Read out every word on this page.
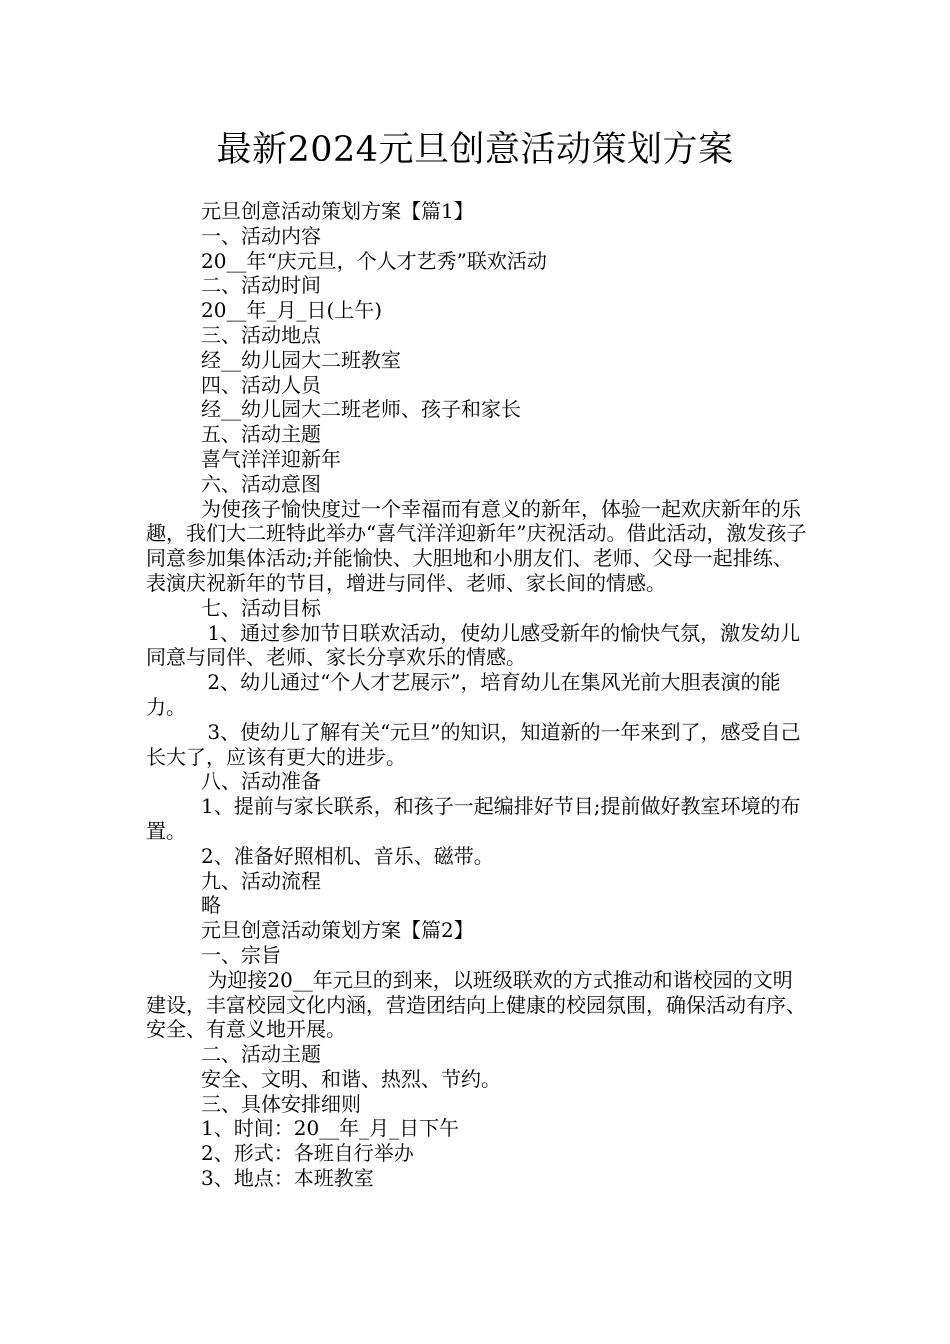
最新2024元旦创意活动策划方案

元旦创意活动策划方案【篇1】

一、活动内容

20__年“庆元旦，个人才艺秀”联欢活动

二、活动时间

20__年_月_日(上午)

三、活动地点

经__幼儿园大二班教室

四、活动人员

经__幼儿园大二班老师、孩子和家长

五、活动主题

喜气洋洋迎新年

六、活动意图

为使孩子愉快度过一个幸福而有意义的新年，体验一起欢庆新年的乐趣，我们大二班特此举办“喜气洋洋迎新年”庆祝活动。借此活动，激发孩子同意参加集体活动;并能愉快、大胆地和小朋友们、老师、父母一起排练、表演庆祝新年的节目，增进与同伴、老师、家长间的情感。

七、活动目标

1、通过参加节日联欢活动，使幼儿感受新年的愉快气氛，激发幼儿同意与同伴、老师、家长分享欢乐的情感。

2、幼儿通过“个人才艺展示”，培育幼儿在集风光前大胆表演的能力。

3、使幼儿了解有关“元旦”的知识，知道新的一年来到了，感受自己长大了，应该有更大的进步。

八、活动准备

1、提前与家长联系，和孩子一起编排好节目;提前做好教室环境的布置。

2、准备好照相机、音乐、磁带。

九、活动流程

略

元旦创意活动策划方案【篇2】

一、宗旨

为迎接20__年元旦的到来，以班级联欢的方式推动和谐校园的文明建设，丰富校园文化内涵，营造团结向上健康的校园氛围，确保活动有序、安全、有意义地开展。

二、活动主题

安全、文明、和谐、热烈、节约。

三、具体安排细则

1、时间：20__年_月_日下午

2、形式：各班自行举办

3、地点：本班教室
